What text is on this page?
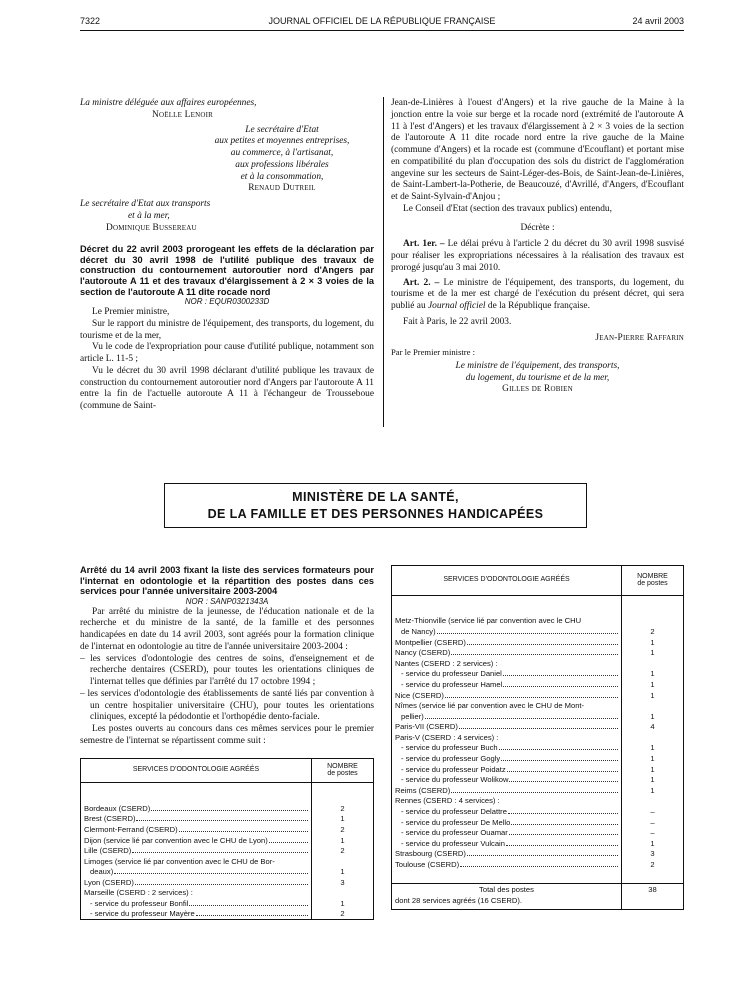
7322	JOURNAL OFFICIEL DE LA RÉPUBLIQUE FRANÇAISE	24 avril 2003

La ministre déléguée aux affaires européennes,

Noëlle Lenoir

Le secrétaire d'Etat

aux petites et moyennes entreprises,

au commerce, à l'artisanat,

aux professions libérales

et à la consommation,

Renaud Dutreil

Le secrétaire d'Etat aux transports

et à la mer,

Dominique Bussereau

Décret du 22 avril 2003 prorogeant les effets de la déclaration par décret du 30 avril 1998 de l'utilité publique des travaux de construction du contournement autoroutier nord d'Angers par l'autoroute A 11 et des travaux d'élargissement à 2 × 3 voies de la section de l'autoroute A 11 dite rocade nord

NOR : EQUR0300233D

Le Premier ministre,

Sur le rapport du ministre de l'équipement, des transports, du logement, du tourisme et de la mer,

Vu le code de l'expropriation pour cause d'utilité publique, notamment son article L. 11-5 ;

Vu le décret du 30 avril 1998 déclarant d'utilité publique les travaux de construction du contournement autoroutier nord d'Angers par l'autoroute A 11 entre la fin de l'actuelle autoroute A 11 à l'échangeur de Trousseboue (commune de Saint-

Jean-de-Linières à l'ouest d'Angers) et la rive gauche de la Maine à la jonction entre la voie sur berge et la rocade nord (extrémité de l'autoroute A 11 à l'est d'Angers) et les travaux d'élargissement à 2 × 3 voies de la section de l'autoroute A 11 dite rocade nord entre la rive gauche de la Maine (commune d'Angers) et la rocade est (commune d'Ecouflant) et portant mise en compatibilité du plan d'occupation des sols du district de l'agglomération angevine sur les secteurs de Saint-Léger-des-Bois, de Saint-Jean-de-Linières, de Saint-Lambert-la-Potherie, de Beaucouzé, d'Avrillé, d'Angers, d'Ecouflant et de Saint-Sylvain-d'Anjou ;

Le Conseil d'Etat (section des travaux publics) entendu,

Décrète :

Art. 1er. – Le délai prévu à l'article 2 du décret du 30 avril 1998 susvisé pour réaliser les expropriations nécessaires à la réalisation des travaux est prorogé jusqu'au 3 mai 2010.

Art. 2. – Le ministre de l'équipement, des transports, du logement, du tourisme et de la mer est chargé de l'exécution du présent décret, qui sera publié au Journal officiel de la République française.

Fait à Paris, le 22 avril 2003.

Jean-Pierre Raffarin

Par le Premier ministre :

Le ministre de l'équipement, des transports,

du logement, du tourisme et de la mer,

Gilles de Robien

MINISTÈRE DE LA SANTÉ,
DE LA FAMILLE ET DES PERSONNES HANDICAPÉES

Arrêté du 14 avril 2003 fixant la liste des services formateurs pour l'internat en odontologie et la répartition des postes dans ces services pour l'année universitaire 2003-2004

NOR : SANP0321343A

Par arrêté du ministre de la jeunesse, de l'éducation nationale et de la recherche et du ministre de la santé, de la famille et des personnes handicapées en date du 14 avril 2003, sont agréés pour la formation clinique de l'internat en odontologie au titre de l'année universitaire 2003-2004 :

– les services d'odontologie des centres de soins, d'enseignement et de recherche dentaires (CSERD), pour toutes les orientations cliniques de l'internat telles que définies par l'arrêté du 17 octobre 1994 ;

– les services d'odontologie des établissements de santé liés par convention à un centre hospitalier universitaire (CHU), pour toutes les orientations cliniques, excepté la pédodontie et l'orthopédie dento-faciale.

Les postes ouverts au concours dans ces mêmes services pour le premier semestre de l'internat se répartissent comme suit :

SERVICES D'ODONTOLOGIE AGRÉÉS	NOMBRE
de postes

Bordeaux (CSERD)	2

Brest (CSERD)	1

Clermont-Ferrand (CSERD)	2

Dijon (service lié par convention avec le CHU de Lyon)	1

Lille (CSERD)	2

Limoges (service lié par convention avec le CHU de Bor-	

deaux)	1

Lyon (CSERD)	3

Marseille (CSERD : 2 services) :	

- service du professeur Bonfil	1

- service du professeur Mayère	2
SERVICES D'ODONTOLOGIE AGRÉÉS	NOMBRE
de postes

Metz-Thionville (service lié par convention avec le CHU	

de Nancy)	2

Montpellier (CSERD)	1

Nancy (CSERD)	1

Nantes (CSERD : 2 services) :	

- service du professeur Daniel	1

- service du professeur Hamel	1

Nice (CSERD)	1

Nîmes (service lié par convention avec le CHU de Mont-	

pellier)	1

Paris-VII (CSERD)	4

Paris-V (CSERD : 4 services) :	

- service du professeur Buch	1

- service du professeur Gogly	1

- service du professeur Poidatz	1

- service du professeur Wolikow	1

Reims (CSERD)	1

Rennes (CSERD : 4 services) :	

- service du professeur Delattre	–

- service du professeur De Mello	–

- service du professeur Ouamar	–

- service du professeur Vulcain	1

Strasbourg (CSERD)	3

Toulouse (CSERD)	2

Total des postes	38
dont 28 services agréés (16 CSERD).	
